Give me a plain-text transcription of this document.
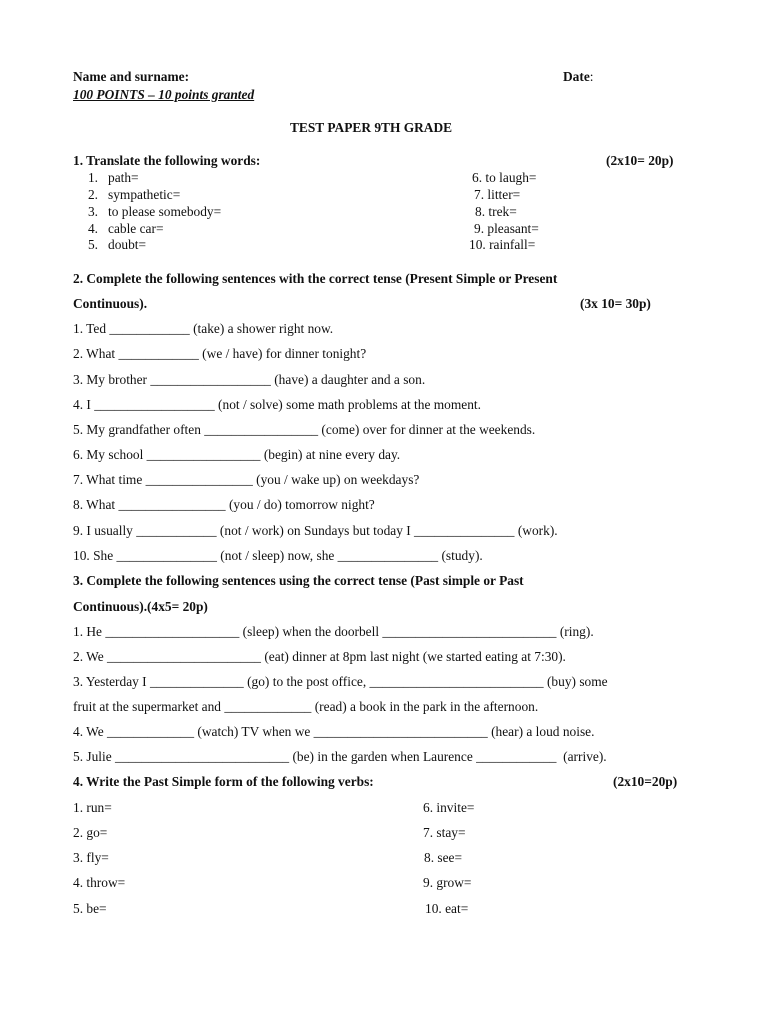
Name and surname:	Date:
100 POINTS – 10 points granted
TEST PAPER 9TH GRADE
1. Translate the following words:	(2x10= 20p)
1. path=
2. sympathetic=
3. to please somebody=
4. cable car=
5. doubt=
6. to laugh=
7. litter=
8. trek=
9. pleasant=
10. rainfall=
2. Complete the following sentences with the correct tense (Present Simple or Present
Continuous).	(3x 10= 30p)
1. Ted ____________ (take) a shower right now.
2. What ____________ (we / have) for dinner tonight?
3. My brother __________________ (have) a daughter and a son.
4. I __________________ (not / solve) some math problems at the moment.
5. My grandfather often _________________ (come) over for dinner at the weekends.
6. My school _________________ (begin) at nine every day.
7. What time ________________ (you / wake up) on weekdays?
8. What ________________ (you / do) tomorrow night?
9. I usually ____________ (not / work) on Sundays but today I _______________ (work).
10. She _______________ (not / sleep) now, she _______________ (study).
3. Complete the following sentences using the correct tense (Past simple or Past
Continuous).(4x5= 20p)
1. He ____________________ (sleep) when the doorbell __________________________ (ring).
2. We _______________________ (eat) dinner at 8pm last night (we started eating at 7:30).
3. Yesterday I ______________ (go) to the post office, __________________________ (buy) some
fruit at the supermarket and _____________ (read) a book in the park in the afternoon.
4. We _____________ (watch) TV when we __________________________ (hear) a loud noise.
5. Julie __________________________ (be) in the garden when Laurence ____________  (arrive).
4. Write the Past Simple form of the following verbs:	(2x10=20p)
1. run=
2. go=
3. fly=
4. throw=
5. be=
6. invite=
7. stay=
8. see=
9. grow=
10. eat=
